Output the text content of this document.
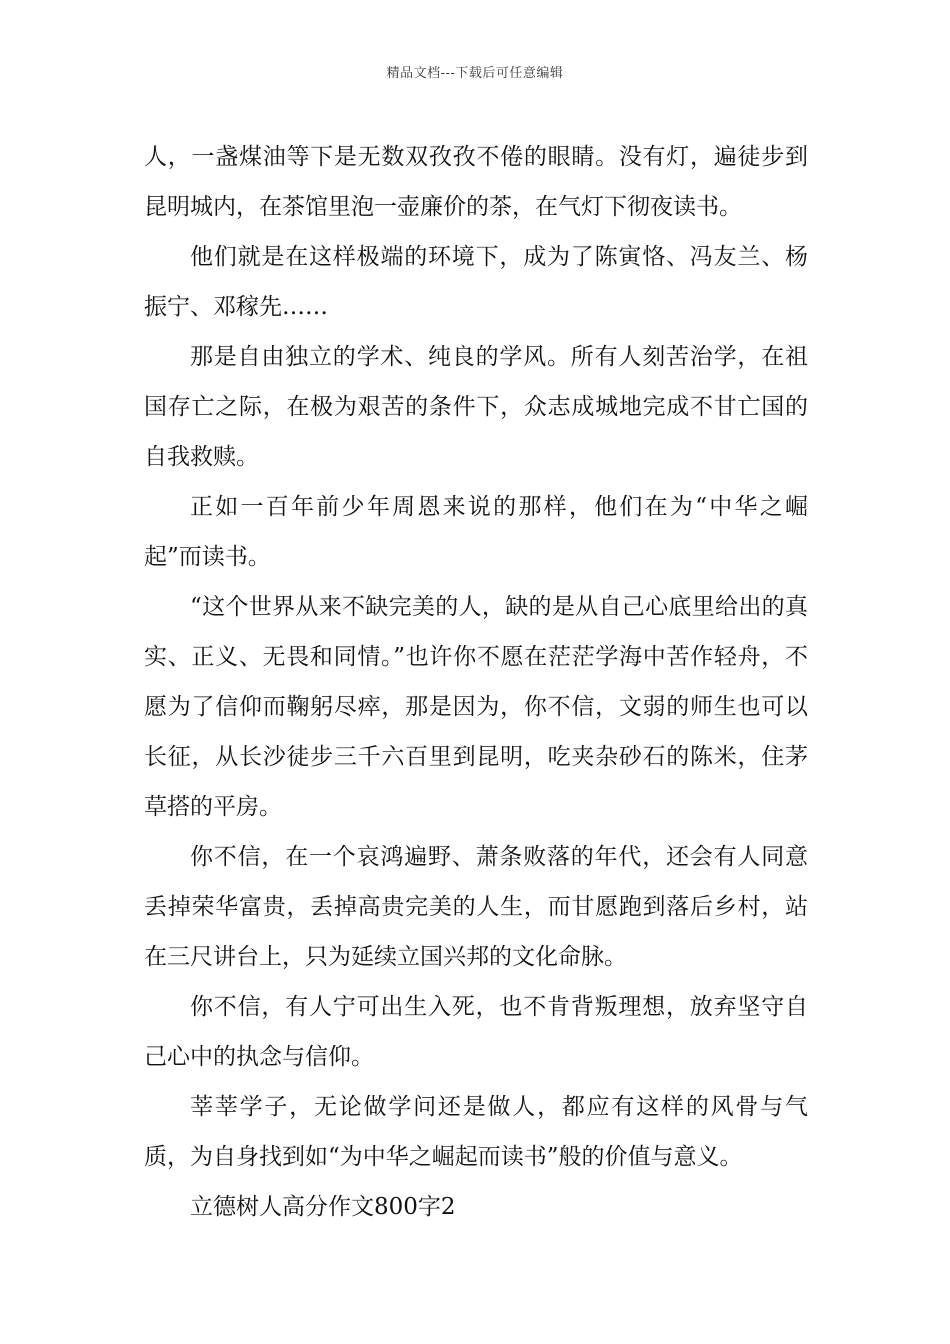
精品文档---下载后可任意编辑

人，一盏煤油等下是无数双孜孜不倦的眼睛。没有灯，遍徒步到昆明城内，在茶馆里泡一壶廉价的茶，在气灯下彻夜读书。

他们就是在这样极端的环境下，成为了陈寅恪、冯友兰、杨振宁、邓稼先……

那是自由独立的学术、纯良的学风。所有人刻苦治学，在祖国存亡之际，在极为艰苦的条件下，众志成城地完成不甘亡国的自我救赎。

正如一百年前少年周恩来说的那样，他们在为“中华之崛起”而读书。

“这个世界从来不缺完美的人，缺的是从自己心底里给出的真实、正义、无畏和同情。”也许你不愿在茫茫学海中苦作轻舟，不愿为了信仰而鞠躬尽瘁，那是因为，你不信，文弱的师生也可以长征，从长沙徒步三千六百里到昆明，吃夹杂砂石的陈米，住茅草搭的平房。

你不信，在一个哀鸿遍野、萧条败落的年代，还会有人同意丢掉荣华富贵，丢掉高贵完美的人生，而甘愿跑到落后乡村，站在三尺讲台上，只为延续立国兴邦的文化命脉。

你不信，有人宁可出生入死，也不肯背叛理想，放弃坚守自己心中的执念与信仰。

莘莘学子，无论做学问还是做人，都应有这样的风骨与气质，为自身找到如“为中华之崛起而读书”般的价值与意义。

立德树人高分作文800字2
